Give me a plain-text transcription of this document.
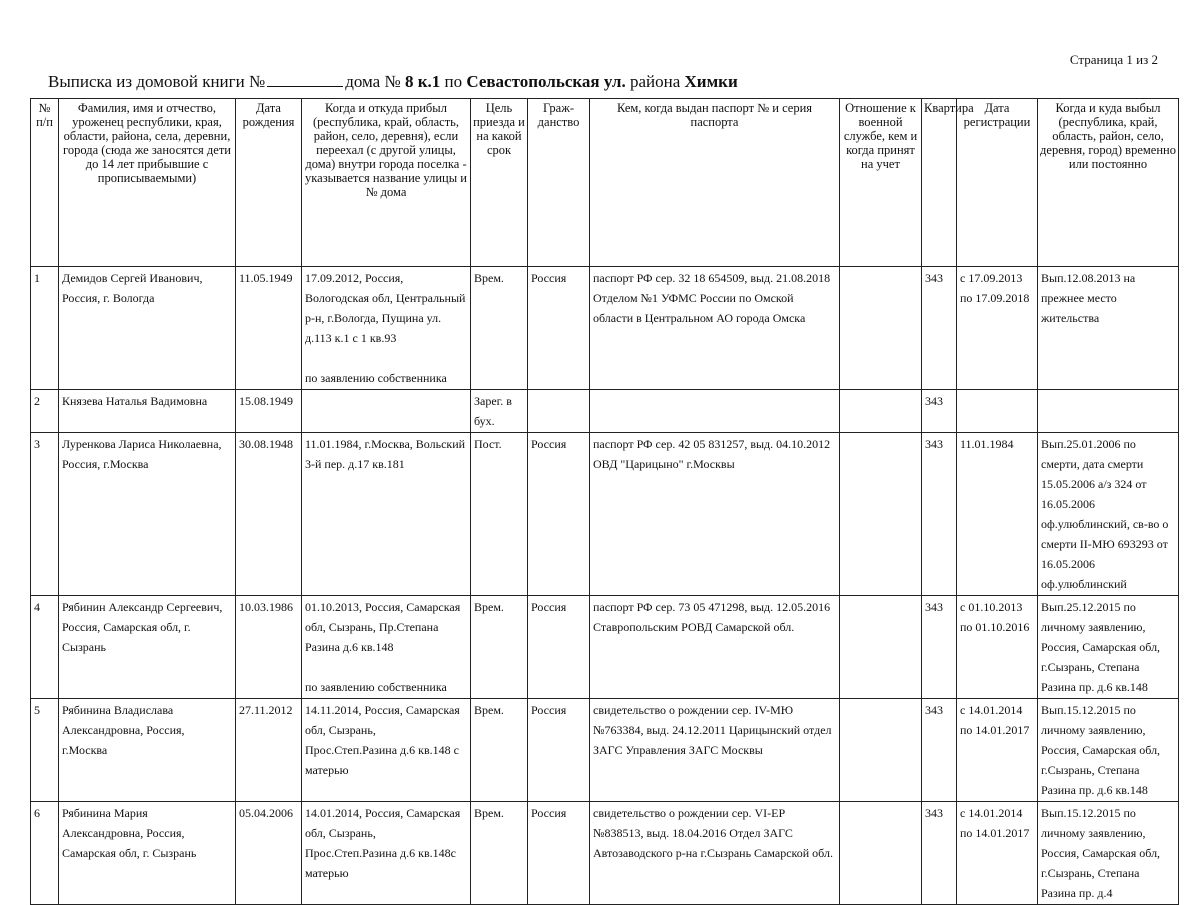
Страница 1 из 2
Выписка из домовой книги №	дома № 8 к.1 по Севастопольская ул. района Химки
№ п/п	Фамилия, имя и отчество, уроженец республики, края, области, района, села, деревни, города (сюда же заносятся дети до 14 лет прибывшие с прописываемыми)	Дата рождения	Когда и откуда прибыл (республика, край, область, район, село, деревня), если переехал (с другой улицы, дома) внутри города поселка - указывается название улицы и № дома	Цель приезда и на какой срок	Граж-данство	Кем, когда выдан паспорт № и серия паспорта	Отношение к военной службе, кем и когда принят на учет	Квартира	Дата регистрации	Когда и куда выбыл (республика, край, область, район, село, деревня, город) временно или постоянно
1	Демидов Сергей Иванович, Россия, г. Вологда	11.05.1949	17.09.2012, Россия, Вологодская обл, Центральный р-н, г.Вологда, Пущина ул. д.113 к.1 с 1 кв.93
по заявлению собственника	Врем.	Россия	паспорт РФ сер. 32 18 654509, выд. 21.08.2018 Отделом №1 УФМС России по Омской области в Центральном АО города Омска		343	с 17.09.2013 по 17.09.2018	Вып.12.08.2013 на прежнее место жительства
2	Князева Наталья Вадимовна	15.08.1949		Зарег. в бух.				343		
3	Луренкова Лариса Николаевна, Россия, г.Москва	30.08.1948	11.01.1984, г.Москва, Вольский 3-й пер. д.17 кв.181	Пост.	Россия	паспорт РФ сер. 42 05 831257, выд. 04.10.2012 ОВД "Царицыно" г.Москвы		343	11.01.1984	Вып.25.01.2006 по смерти, дата смерти 15.05.2006 а/з 324 от 16.05.2006 оф.улюблинский, св-во о смерти II-МЮ 693293 от 16.05.2006 оф.улюблинский
4	Рябинин Александр Сергеевич, Россия, Самарская обл, г. Сызрань	10.03.1986	01.10.2013, Россия, Самарская обл, Сызрань, Пр.Степана Разина д.6 кв.148
по заявлению собственника	Врем.	Россия	паспорт РФ сер. 73 05 471298, выд. 12.05.2016 Ставропольским РОВД Самарской обл.		343	с 01.10.2013 по 01.10.2016	Вып.25.12.2015 по личному заявлению, Россия, Самарская обл, г.Сызрань, Степана Разина пр. д.6 кв.148
5	Рябинина Владислава Александровна, Россия, г.Москва	27.11.2012	14.11.2014, Россия, Самарская обл, Сызрань, Прос.Степ.Разина д.6 кв.148 с матерью	Врем.	Россия	свидетельство о рождении сер. IV-МЮ №763384, выд. 24.12.2011 Царицынский отдел ЗАГС Управления ЗАГС Москвы		343	с 14.01.2014 по 14.01.2017	Вып.15.12.2015 по личному заявлению, Россия, Самарская обл, г.Сызрань, Степана Разина пр. д.6 кв.148
6	Рябинина Мария Александровна, Россия, Самарская обл, г. Сызрань	05.04.2006	14.01.2014, Россия, Самарская обл, Сызрань, Прос.Степ.Разина д.6 кв.148с матерью	Врем.	Россия	свидетельство о рождении сер. VI-ЕР №838513, выд. 18.04.2016 Отдел ЗАГС Автозаводского р-на г.Сызрань Самарской обл.		343	с 14.01.2014 по 14.01.2017	Вып.15.12.2015 по личному заявлению, Россия, Самарская обл, г.Сызрань, Степана Разина пр. д.4
